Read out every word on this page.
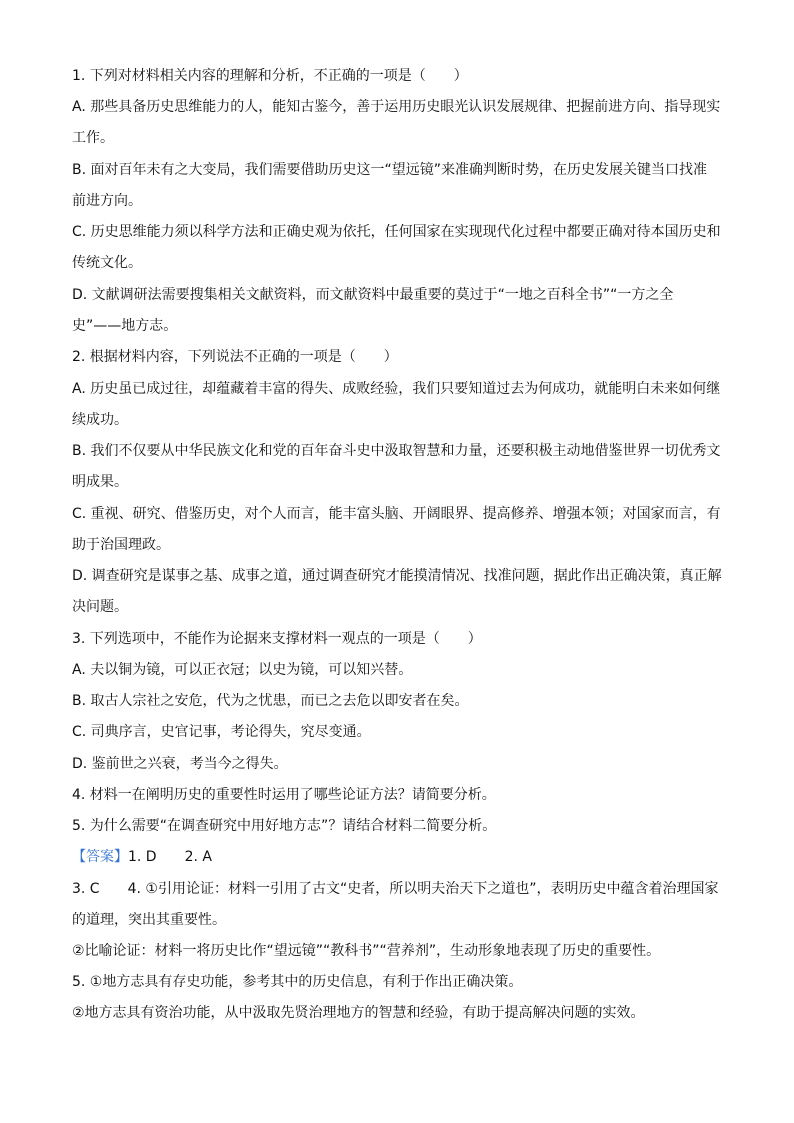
1. 下列对材料相关内容的理解和分析，不正确的一项是（　　）
A. 那些具备历史思维能力的人，能知古鉴今，善于运用历史眼光认识发展规律、把握前进方向、指导现实
工作。
B. 面对百年未有之大变局，我们需要借助历史这一“望远镜”来准确判断时势，在历史发展关键当口找准
前进方向。
C. 历史思维能力须以科学方法和正确史观为依托，任何国家在实现现代化过程中都要正确对待本国历史和
传统文化。
D. 文献调研法需要搜集相关文献资料，而文献资料中最重要的莫过于“一地之百科全书”“一方之全
史”——地方志。
2. 根据材料内容，下列说法不正确的一项是（　　）
A. 历史虽已成过往，却蕴藏着丰富的得失、成败经验，我们只要知道过去为何成功，就能明白未来如何继
续成功。
B. 我们不仅要从中华民族文化和党的百年奋斗史中汲取智慧和力量，还要积极主动地借鉴世界一切优秀文
明成果。
C. 重视、研究、借鉴历史，对个人而言，能丰富头脑、开阔眼界、提高修养、增强本领；对国家而言，有
助于治国理政。
D. 调查研究是谋事之基、成事之道，通过调查研究才能摸清情况、找准问题，据此作出正确决策，真正解
决问题。
3. 下列选项中，不能作为论据来支撑材料一观点的一项是（　　）
A. 夫以铜为镜，可以正衣冠；以史为镜，可以知兴替。
B. 取古人宗社之安危，代为之忧患，而已之去危以即安者在矣。
C. 司典序言，史官记事，考论得失，究尽变通。
D. 鉴前世之兴衰，考当今之得失。
4. 材料一在阐明历史的重要性时运用了哪些论证方法？请简要分析。
5. 为什么需要“在调查研究中用好地方志”？请结合材料二简要分析。
【答案】1. D　　2. A
3. C　　4. ①引用论证：材料一引用了古文“史者，所以明夫治天下之道也”，表明历史中蕴含着治理国家
的道理，突出其重要性。
②比喻论证：材料一将历史比作“望远镜”“教科书”“营养剂”，生动形象地表现了历史的重要性。
5. ①地方志具有存史功能，参考其中的历史信息，有利于作出正确决策。
②地方志具有资治功能，从中汲取先贤治理地方的智慧和经验，有助于提高解决问题的实效。
